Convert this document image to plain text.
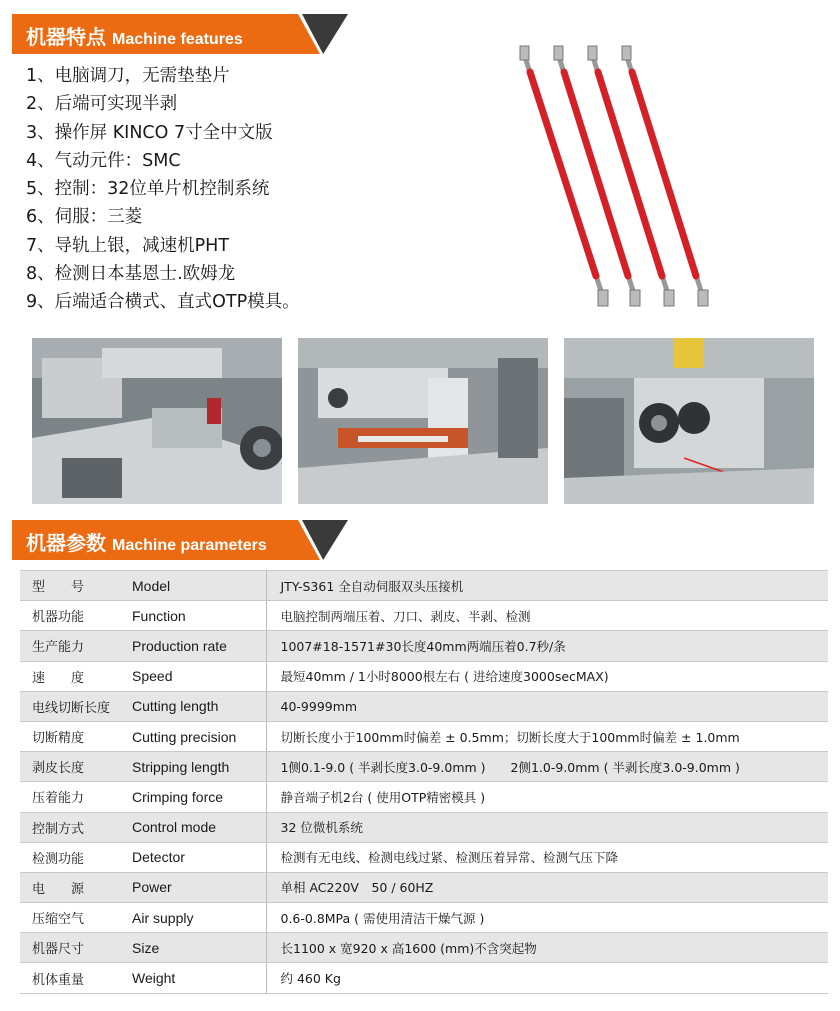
机器特点 Machine features
1、电脑调刀，无需垫垫片
2、后端可实现半剥
3、操作屏 KINCO 7寸全中文版
4、气动元件：SMC
5、控制：32位单片机控制系统
6、伺服：三菱
7、导轨上银，减速机PHT
8、检测日本基恩士.欧姆龙
9、后端适合横式、直式OTP模具。
机器参数 Machine parameters
型　　号	Model	JTY-S361 全自动伺服双头压接机
机器功能	Function	电脑控制两端压着、刀口、剥皮、半剥、检测
生产能力	Production rate	1007#18-1571#30长度40mm两端压着0.7秒/条
速　　度	Speed	最短40mm / 1小时8000根左右 ( 进给速度3000secMAX)
电线切断长度	Cutting length	40-9999mm
切断精度	Cutting precision	切断长度小于100mm时偏差 ± 0.5mm；切断长度大于100mm时偏差 ± 1.0mm
剥皮长度	Stripping length	1侧0.1-9.0 ( 半剥长度3.0-9.0mm )　　2侧1.0-9.0mm ( 半剥长度3.0-9.0mm )
压着能力	Crimping force	静音端子机2台 ( 使用OTP精密模具 )
控制方式	Control mode	32 位微机系统
检测功能	Detector	检测有无电线、检测电线过紧、检测压着异常、检测气压下降
电　　源	Power	单相 AC220V　50 / 60HZ
压缩空气	Air supply	0.6-0.8MPa ( 需使用清洁干燥气源 )
机器尺寸	Size	长1100 x 宽920 x 高1600 (mm)不含突起物
机体重量	Weight	约 460 Kg
